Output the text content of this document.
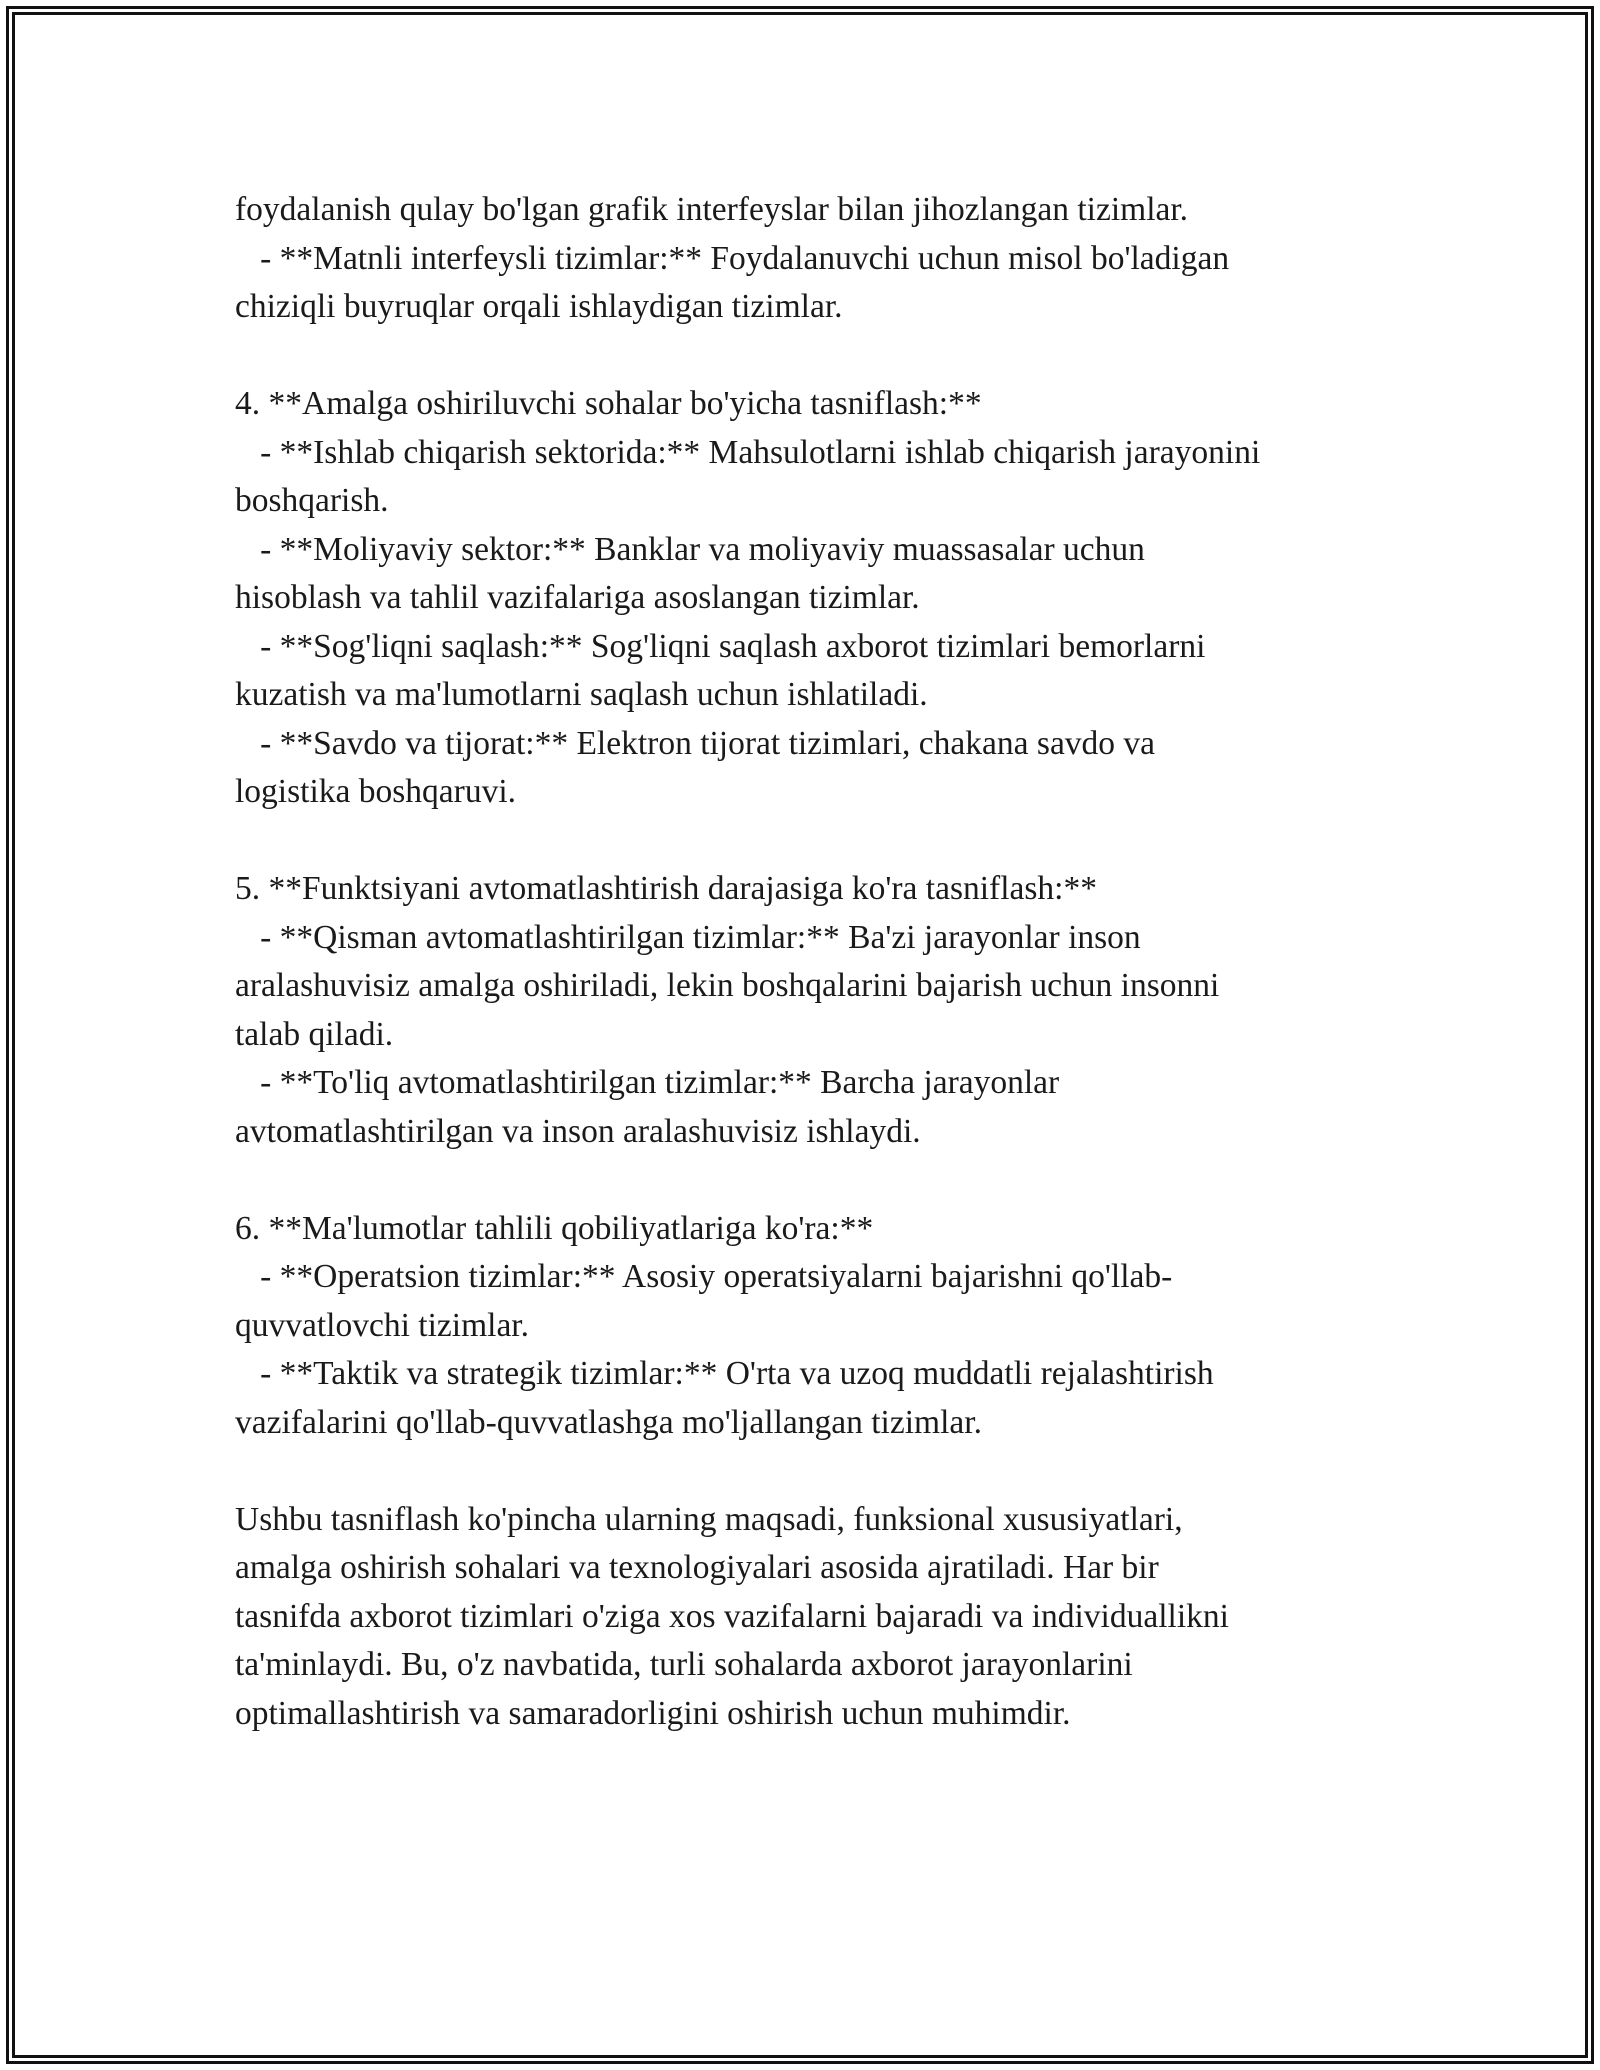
foydalanish qulay bo'lgan grafik interfeyslar bilan jihozlangan tizimlar.

- **Matnli interfeysli tizimlar:** Foydalanuvchi uchun misol bo'ladigan

chiziqli buyruqlar orqali ishlaydigan tizimlar.

4. **Amalga oshiriluvchi sohalar bo'yicha tasniflash:**

- **Ishlab chiqarish sektorida:** Mahsulotlarni ishlab chiqarish jarayonini

boshqarish.

- **Moliyaviy sektor:** Banklar va moliyaviy muassasalar uchun

hisoblash va tahlil vazifalariga asoslangan tizimlar.

- **Sog'liqni saqlash:** Sog'liqni saqlash axborot tizimlari bemorlarni

kuzatish va ma'lumotlarni saqlash uchun ishlatiladi.

- **Savdo va tijorat:** Elektron tijorat tizimlari, chakana savdo va

logistika boshqaruvi.

5. **Funktsiyani avtomatlashtirish darajasiga ko'ra tasniflash:**

- **Qisman avtomatlashtirilgan tizimlar:** Ba'zi jarayonlar inson

aralashuvisiz amalga oshiriladi, lekin boshqalarini bajarish uchun insonni

talab qiladi.

- **To'liq avtomatlashtirilgan tizimlar:** Barcha jarayonlar

avtomatlashtirilgan va inson aralashuvisiz ishlaydi.

6. **Ma'lumotlar tahlili qobiliyatlariga ko'ra:**

- **Operatsion tizimlar:** Asosiy operatsiyalarni bajarishni qo'llab-

quvvatlovchi tizimlar.

- **Taktik va strategik tizimlar:** O'rta va uzoq muddatli rejalashtirish

vazifalarini qo'llab-quvvatlashga mo'ljallangan tizimlar.

Ushbu tasniflash ko'pincha ularning maqsadi, funksional xususiyatlari,

amalga oshirish sohalari va texnologiyalari asosida ajratiladi. Har bir

tasnifda axborot tizimlari o'ziga xos vazifalarni bajaradi va individuallikni

ta'minlaydi. Bu, o'z navbatida, turli sohalarda axborot jarayonlarini

optimallashtirish va samaradorligini oshirish uchun muhimdir.
